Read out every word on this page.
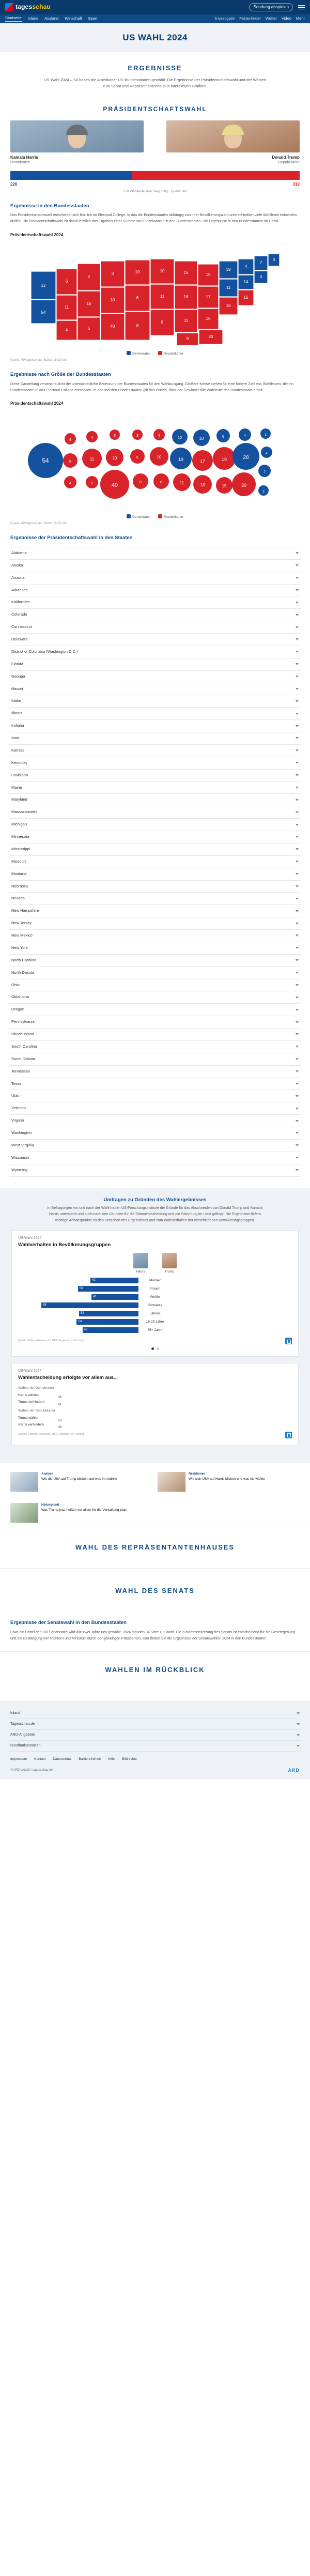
tagesschau	Sendung abspielen
Startseite Inland Ausland Wirtschaft Sport	Investigativ Faktenfinder Wetter Video Mehr
US WAHL 2024
ERGEBNISSE

US-Wahl 2024 – So haben die Amerikaner US-Bundesstaaten gewählt: Die Ergebnisse der Präsidentschaftswahl und der Wahlen zum Senat und Repräsentantenhaus in interaktiven Grafiken.

PRÄSIDENTSCHAFTSWAHL
Kamala Harris
Demokraten
Donald Trump
Republikaner
226	312
270 Wahlleute zum Sieg nötig · Quelle: AP
Ergebnisse in den Bundesstaaten

Das Präsidentschaftswahl entscheidet sich letztlich im Electoral College. In das die Bundesstaaten abhängig von ihrer Bevölkerungszahl unterschiedlich viele Wahlleute entsenden dürfen. Die Präsidentschaftswahl ist damit letztlich das Ergebnis einer Summe von Einzelwahlen in den Bundesstaaten. Die Ergebnisse in den Bundesstaaten im Detail.

Präsidentschaftswahl 2024
54
12
6
11
4
4
16
6
3
10
40
10
6
8
10
11
8
15
16
11
19
17
16
19
11
4
14
7
4
3
16
15
30
9
Demokraten	Republikaner
Quelle: AP/tagesschau, Stand: 16:03 Uhr
Ergebnisse nach Größe der Bundesstaaten

Diese Darstellung veranschaulicht die unterschiedliche Bedeutung der Bundesstaaten für den Wahlausgang. Größere Kreise stehen für eine höhere Zahl von Wahlleuten, die ein Bundesstaaten in das Electoral College entsenden. In den meisten Bundesstaaten gilt das Prinzip, dass der Gewinner alle Wahlleute des Bundesstaats erhält.

Präsidentschaftswahl 2024
54
4
6
4
4
11
5
3
10
40
3
6
8
4
10
8
10
19
11
10
17
16
6
19
15
4
28
30
3
4
7
3
Demokraten	Republikaner
Quelle: AP/tagesschau, Stand: 16:03 Uhr
Ergebnisse der Präsidentschaftswahl in den Staaten
Alabama
Alaska
Arizona
Arkansas
Kalifornien
Colorado
Connecticut
Delaware
District of Columbia (Washington D.C.)
Florida
Georgia
Hawaii
Idaho
Illinois
Indiana
Iowa
Kansas
Kentucky
Louisiana
Maine
Maryland
Massachusetts
Michigan
Minnesota
Mississippi
Missouri
Montana
Nebraska
Nevada
New Hampshire
New Jersey
New Mexico
New York
North Carolina
North Dakota
Ohio
Oklahoma
Oregon
Pennsylvania
Rhode Island
South Carolina
South Dakota
Tennessee
Texas
Utah
Vermont
Virginia
Washington
West Virginia
Wisconsin
Wyoming
Umfragen zu Gründen des Wahlergebnisses

In Befragungen vor und nach der Wahl haben US-Forschungsinstitute die Gründe für das Abschneiden von Donald Trump und Kamala Harris untersucht und auch nach den Gründen für die Stimmentscheidung und die Stimmung im Land gefragt. Die Ergebnisse liefern wichtige Anhaltspunkte zu den Ursachen des Ergebnisses und zum Wahlverhalten der verschiedenen Bevölkerungsgruppen.

US-Wahl 2024
Wahlverhalten in Bevölkerungsgruppen
Harris	Trump
42	Männer
55
53	Frauen
45
41	Weiße
57
85	Schwarze
13
52	Latinos
46
54	18-29 Jahre
43
49	65+ Jahre
49
Quelle: Edison Research / NEP, Angaben in Prozent
US-Wahl 2024
Wahlentscheidung erfolgte vor allem aus...
Wähler der Demokraten
Harris wählen
36
Trump verhindern
61
Wähler der Republikaner
Trump wählen
58
Harris verhindern
39
Quelle: Edison Research / NEP, Angaben in Prozent
Analyse
Wie die USA auf Trump blicken und was ihn wählte
Reaktionen
Wie sich USA auf Harris blicken und was sie wählte
Hintergrund
Was Trump jetzt heißen vor allem für die Verwaltung plant
WAHL DES REPRÄSENTANTENHAUSES
WAHL DES SENATS
Ergebnisse der Senatswahl in den Bundesstaaten

Etwa ein Drittel der 100 Senatssitze wird alle zwei Jahre neu gewählt. 2024 standen 34 Sitze zur Wahl. Die Zusammensetzung des Senats ist entscheidend für die Gesetzgebung und die Bestätigung von Richtern und Ministern durch den jeweiligen Präsidenten. Hier finden Sie die Ergebnisse der Senatswahlen 2024 in den Bundesstaaten.

WAHLEN IM RÜCKBLICK
Inland
Tagesschau.de
ARD-Angebote
Rundfunkanstalten
Impressum Kontakt Datenschutz Barrierefreiheit Hilfe Bildrechte
© ARD-aktuell / tagesschau.de	ARD
